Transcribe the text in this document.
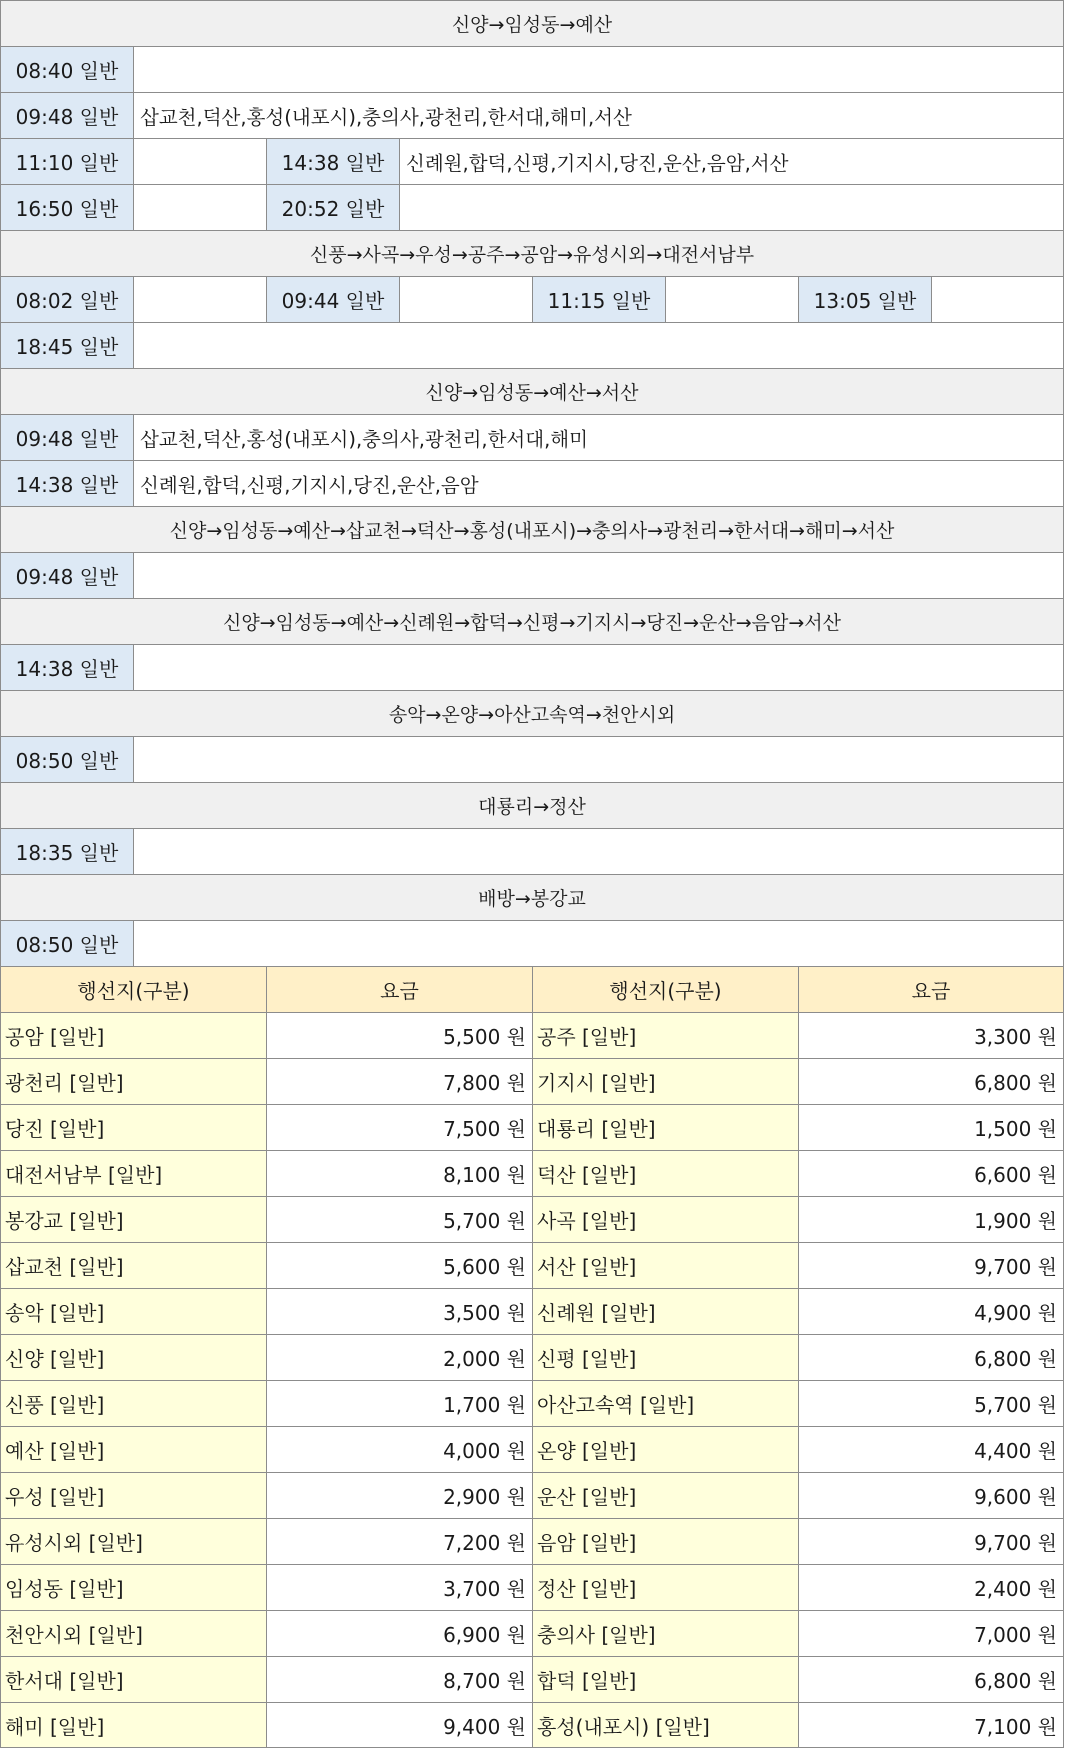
신양→임성동→예산
08:40 일반
09:48 일반	삽교천,덕산,홍성(내포시),충의사,광천리,한서대,해미,서산
11:10 일반	14:38 일반	신례원,합덕,신평,기지시,당진,운산,음암,서산
16:50 일반	20:52 일반
신풍→사곡→우성→공주→공암→유성시외→대전서남부
08:02 일반	09:44 일반	11:15 일반	13:05 일반
18:45 일반
신양→임성동→예산→서산
09:48 일반	삽교천,덕산,홍성(내포시),충의사,광천리,한서대,해미
14:38 일반	신례원,합덕,신평,기지시,당진,운산,음암
신양→임성동→예산→삽교천→덕산→홍성(내포시)→충의사→광천리→한서대→해미→서산
09:48 일반
신양→임성동→예산→신례원→합덕→신평→기지시→당진→운산→음암→서산
14:38 일반
송악→온양→아산고속역→천안시외
08:50 일반
대룡리→정산
18:35 일반
배방→봉강교
08:50 일반
행선지(구분)	요금	행선지(구분)	요금
공암 [일반]	5,500 원 공주 [일반]	3,300 원
광천리 [일반]	7,800 원 기지시 [일반]	6,800 원
당진 [일반]	7,500 원 대룡리 [일반]	1,500 원
대전서남부 [일반]	8,100 원 덕산 [일반]	6,600 원
봉강교 [일반]	5,700 원 사곡 [일반]	1,900 원
삽교천 [일반]	5,600 원 서산 [일반]	9,700 원
송악 [일반]	3,500 원 신례원 [일반]	4,900 원
신양 [일반]	2,000 원 신평 [일반]	6,800 원
신풍 [일반]	1,700 원 아산고속역 [일반]	5,700 원
예산 [일반]	4,000 원 온양 [일반]	4,400 원
우성 [일반]	2,900 원 운산 [일반]	9,600 원
유성시외 [일반]	7,200 원 음암 [일반]	9,700 원
임성동 [일반]	3,700 원 정산 [일반]	2,400 원
천안시외 [일반]	6,900 원 충의사 [일반]	7,000 원
한서대 [일반]	8,700 원 합덕 [일반]	6,800 원
해미 [일반]	9,400 원 홍성(내포시) [일반]	7,100 원
